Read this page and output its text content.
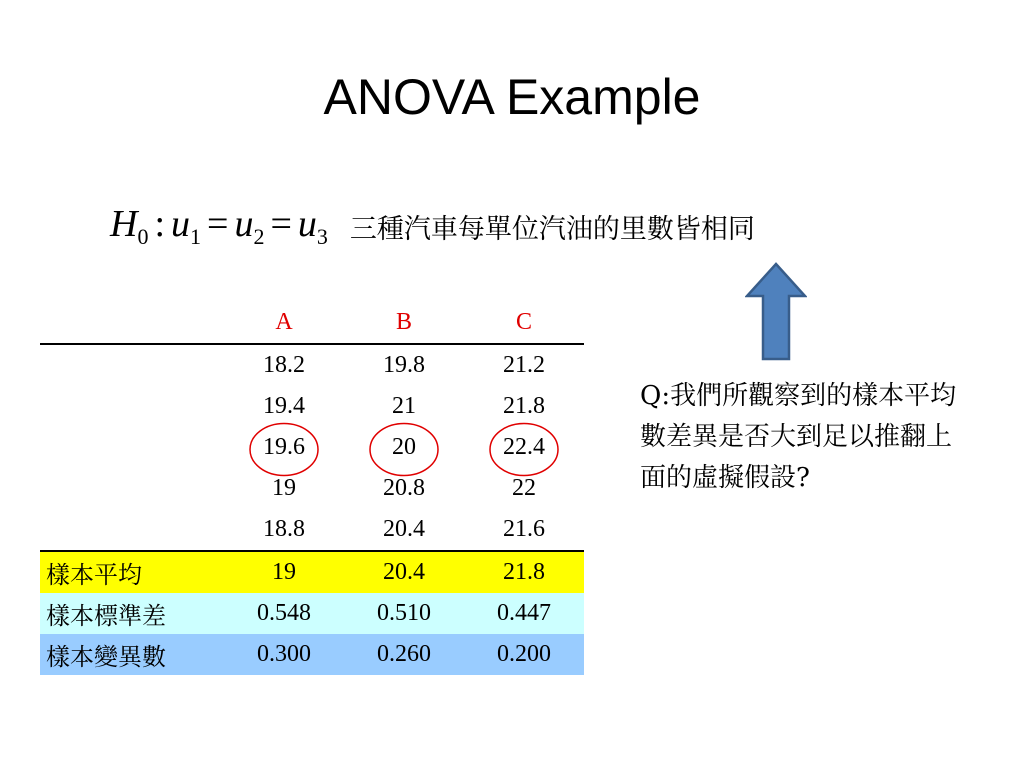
ANOVA Example
$H_0$ : $u_1 = u_2 = u_3$ 三種汽車每單位汽油的里數皆相同
Q:我們所觀察到的樣本平均數差異是否大到足以推翻上面的虛擬假設?
	A	B	C
	18.2	19.8	21.2
	19.4	21	21.8
	19.6	20	22.4
	19	20.8	22
	18.8	20.4	21.6
樣本平均	19	20.4	21.8
樣本標準差	0.548	0.510	0.447
樣本變異數	0.300	0.260	0.200
